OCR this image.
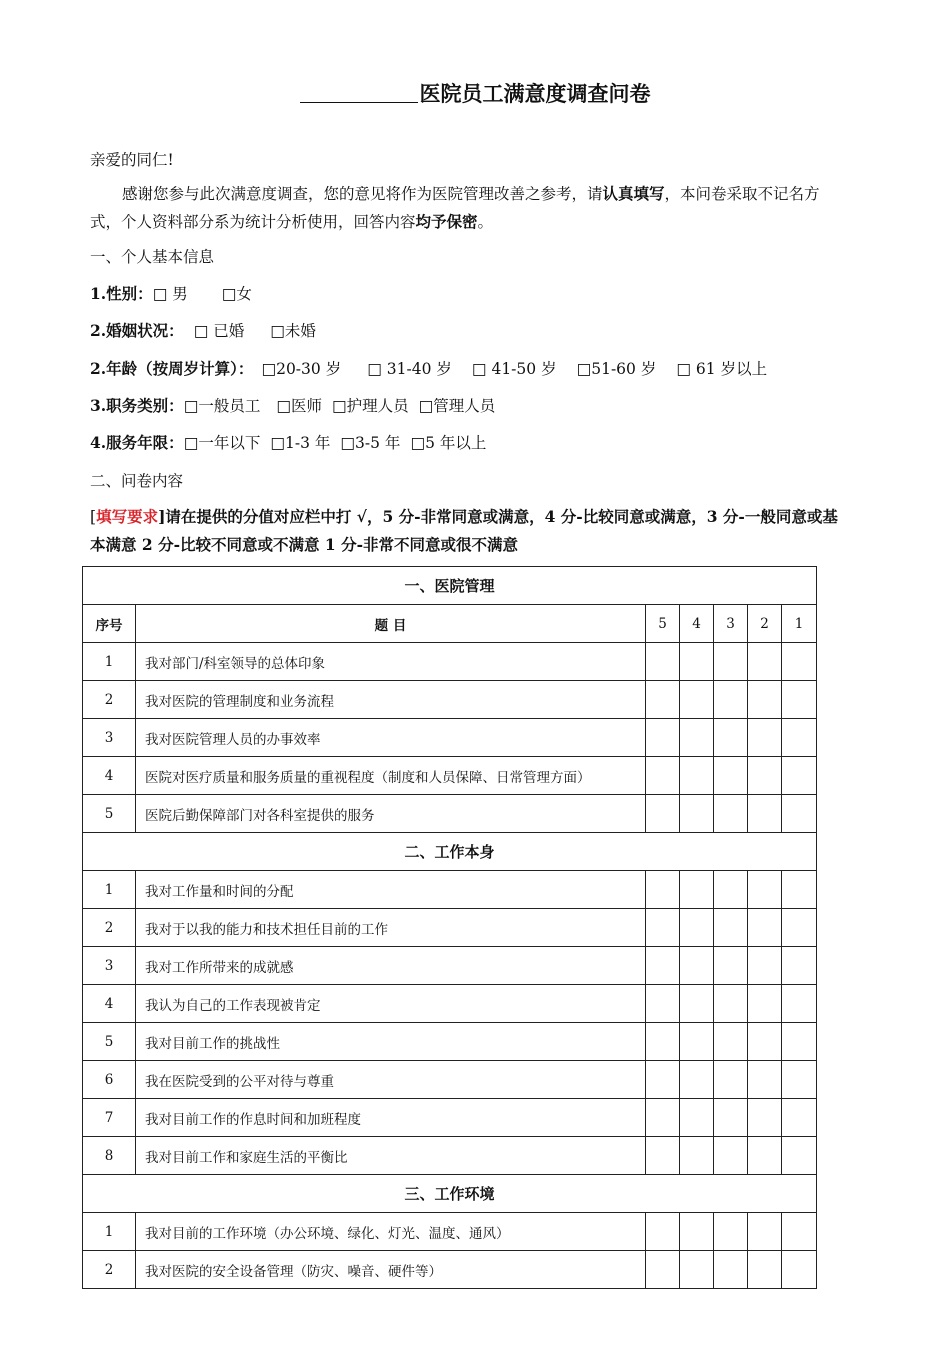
医院员工满意度调查问卷
亲爱的同仁!
感谢您参与此次满意度调查，您的意见将作为医院管理改善之参考，请认真填写，本问卷采取不记名方式，个人资料部分系为统计分析使用，回答内容均予保密。
一、个人基本信息
1.性别：□ 男 □女
2.婚姻状况： □ 已婚 □未婚
2.年龄（按周岁计算）： □20-30 岁 □ 31-40 岁 □ 41-50 岁 □51-60 岁 □ 61 岁以上
3.职务类别：□一般员工 □医师 □护理人员 □管理人员
4.服务年限：□一年以下 □1-3 年 □3-5 年 □5 年以上
二、问卷内容
[填写要求]请在提供的分值对应栏中打 √，5 分-非常同意或满意，4 分-比较同意或满意，3 分-一般同意或基本满意 2 分-比较不同意或不满意 1 分-非常不同意或很不满意
一、医院管理						
序号	题 目	5	4	3	2	1
1	我对部门/科室领导的总体印象					
2	我对医院的管理制度和业务流程					
3	我对医院管理人员的办事效率					
4	医院对医疗质量和服务质量的重视程度（制度和人员保障、日常管理方面）					
5	医院后勤保障部门对各科室提供的服务					
二、工作本身						
1	我对工作量和时间的分配					
2	我对于以我的能力和技术担任目前的工作					
3	我对工作所带来的成就感					
4	我认为自己的工作表现被肯定					
5	我对目前工作的挑战性					
6	我在医院受到的公平对待与尊重					
7	我对目前工作的作息时间和加班程度					
8	我对目前工作和家庭生活的平衡比					
三、工作环境						
1	我对目前的工作环境（办公环境、绿化、灯光、温度、通风）					
2	我对医院的安全设备管理（防灾、噪音、硬件等）					
